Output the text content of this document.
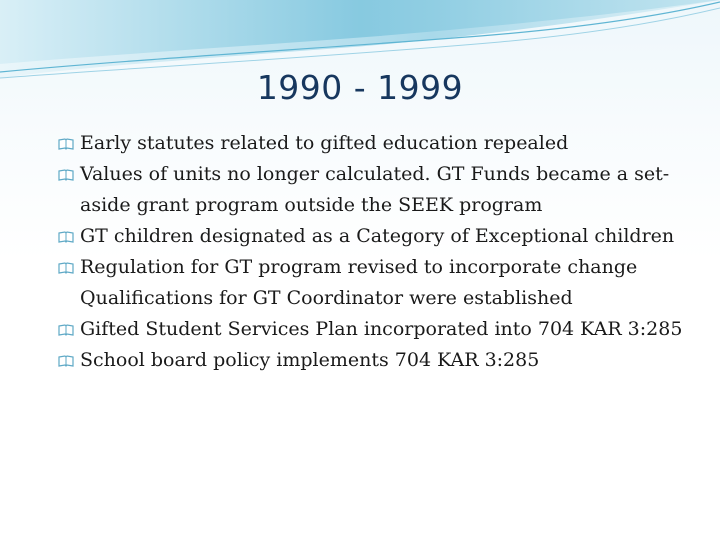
1990 - 1999
Early statutes related to gifted education repealed
Values of units no longer calculated. GT Funds became a set-aside grant program outside the SEEK program
GT children designated as a Category of Exceptional children
Regulation for GT program revised to incorporate change Qualifications for GT Coordinator were established
Gifted Student Services Plan incorporated into 704 KAR 3:285
School board policy implements 704 KAR 3:285
